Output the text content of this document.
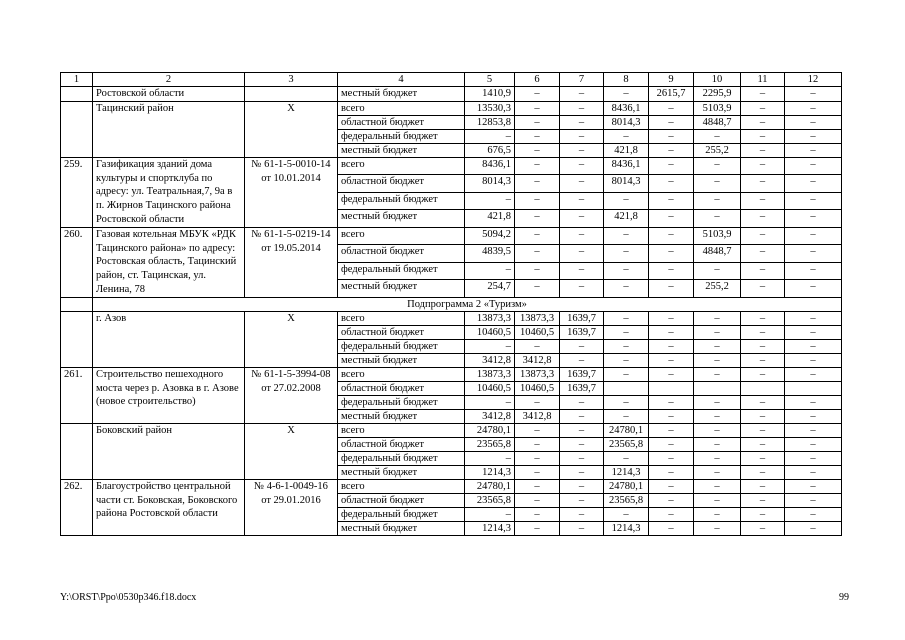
1	2	3	4	5	6	7	8	9	10	11	12
	Ростовской области		местный бюджет	1410,9	–	–	–	2615,7	2295,9	–	–
	Тацинский район	Х	всего	13530,3	–	–	8436,1	–	5103,9	–	–
			областной бюджет	12853,8	–	–	8014,3	–	4848,7	–	–
			федеральный бюджет	–	–	–	–	–	–	–	–
			местный бюджет	676,5	–	–	421,8	–	255,2	–	–
259.	Газификация зданий дома культуры и спортклуба по адресу: ул. Театральная,7, 9а в п. Жирнов Тацинского района Ростовской области	№ 61-1-5-0010-14 от 10.01.2014	всего	8436,1	–	–	8436,1	–	–	–	–
			областной бюджет	8014,3	–	–	8014,3	–	–	–	–
			федеральный бюджет	–	–	–	–	–	–	–	–
			местный бюджет	421,8	–	–	421,8	–	–	–	–
260.	Газовая котельная МБУК «РДК Тацинского района» по адресу: Ростовская область, Тацинский район, ст. Тацинская, ул. Ленина, 78	№ 61-1-5-0219-14 от 19.05.2014	всего	5094,2	–	–	–	–	5103,9	–	–
			областной бюджет	4839,5	–	–	–	–	4848,7	–	–
			федеральный бюджет	–	–	–	–	–	–	–	–
			местный бюджет	254,7	–	–	–	–	255,2	–	–
	Подпрограмма 2 «Туризм»										
	г. Азов	Х	всего	13873,3	13873,3	1639,7	–	–	–	–	–
			областной бюджет	10460,5	10460,5	1639,7	–	–	–	–	–
			федеральный бюджет	–	–	–	–	–	–	–	–
			местный бюджет	3412,8	3412,8	–	–	–	–	–	–
261.	Строительство пешеходного моста через р. Азовка в г. Азове (новое строительство)	№ 61-1-5-3994-08 от 27.02.2008	всего	13873,3	13873,3	1639,7	–	–	–	–	–
			областной бюджет	10460,5	10460,5	1639,7					
			федеральный бюджет	–	–	–	–	–	–	–	–
			местный бюджет	3412,8	3412,8	–	–	–	–	–	–
	Боковский район	Х	всего	24780,1	–	–	24780,1	–	–	–	–
			областной бюджет	23565,8	–	–	23565,8	–	–	–	–
			федеральный бюджет	–	–	–	–	–	–	–	–
			местный бюджет	1214,3	–	–	1214,3	–	–	–	–
262.	Благоустройство центральной части ст. Боковская, Боковского района Ростовской области	№ 4-6-1-0049-16 от 29.01.2016	всего	24780,1	–	–	24780,1	–	–	–	–
			областной бюджет	23565,8	–	–	23565,8	–	–	–	–
			федеральный бюджет	–	–	–	–	–	–	–	–
			местный бюджет	1214,3	–	–	1214,3	–	–	–	–
Y:\ORST\Ppo\0530p346.f18.docx	99
